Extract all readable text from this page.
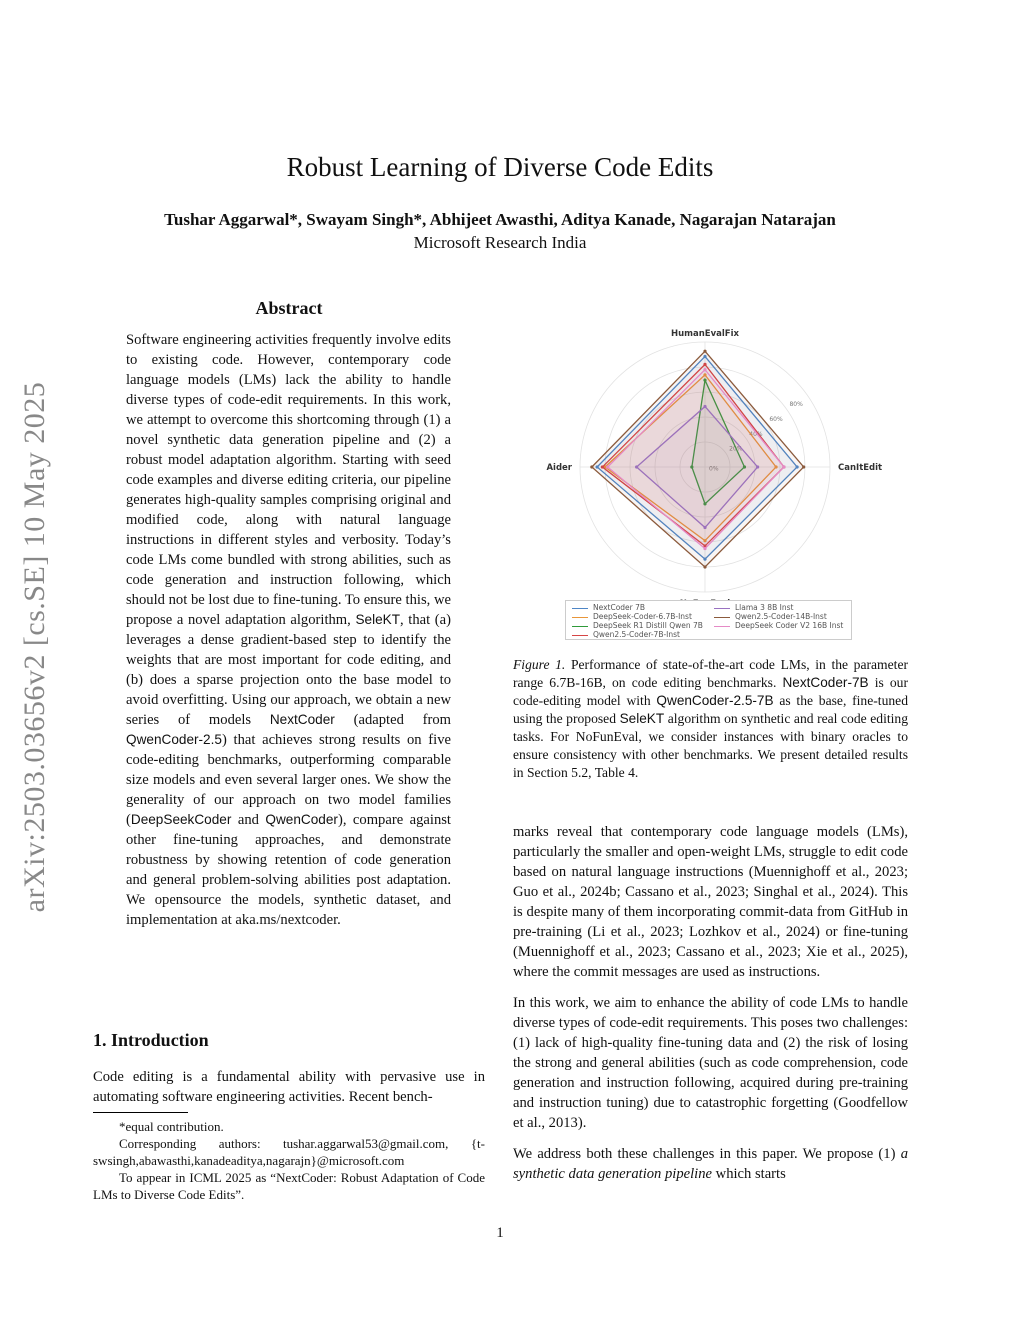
arXiv:2503.03656v2 [cs.SE] 10 May 2025
Robust Learning of Diverse Code Edits
Tushar Aggarwal*, Swayam Singh*, Abhijeet Awasthi, Aditya Kanade, Nagarajan Natarajan
Microsoft Research India
Abstract
Software engineering activities frequently involve edits to existing code. However, contemporary code language models (LMs) lack the ability to handle diverse types of code-edit requirements. In this work, we attempt to overcome this shortcoming through (1) a novel synthetic data generation pipeline and (2) a robust model adaptation algorithm. Starting with seed code examples and diverse editing criteria, our pipeline generates high-quality samples comprising original and modified code, along with natural language instructions in different styles and verbosity. Today’s code LMs come bundled with strong abilities, such as code generation and instruction following, which should not be lost due to fine-tuning. To ensure this, we propose a novel adaptation algorithm, SeleKT, that (a) leverages a dense gradient-based step to identify the weights that are most important for code editing, and (b) does a sparse projection onto the base model to avoid overfitting. Using our approach, we obtain a new series of models NextCoder (adapted from QwenCoder-2.5) that achieves strong results on five code-editing benchmarks, outperforming comparable size models and even several larger ones. We show the generality of our approach on two model families (DeepSeekCoder and QwenCoder), compare against other fine-tuning approaches, and demonstrate robustness by showing retention of code generation and general problem-solving abilities post adaptation. We opensource the models, synthetic dataset, and implementation at aka.ms/nextcoder.
1. Introduction
Code editing is a fundamental ability with pervasive use in automating software engineering activities. Recent bench-

*equal contribution.

Corresponding authors: tushar.aggarwal53@gmail.com, {t-swsingh,abawasthi,kanadeaditya,nagarajn}@microsoft.com

To appear in ICML 2025 as “NextCoder: Robust Adaptation of Code LMs to Diverse Code Edits”.

0%
20%
40%
60%
80%
HumanEvalFix
CanItEdit
Aider
NextCoder 7B
DeepSeek-Coder-6.7B-Inst
DeepSeek R1 Distill Qwen 7B
Qwen2.5-Coder-7B-Inst
Llama 3 8B Inst
Qwen2.5-Coder-14B-Inst
DeepSeek Coder V2 16B Inst
Figure 1. Performance of state-of-the-art code LMs, in the parameter range 6.7B-16B, on code editing benchmarks. NextCoder-7B is our code-editing model with QwenCoder-2.5-7B as the base, fine-tuned using the proposed SeleKT algorithm on synthetic and real code editing tasks. For NoFunEval, we consider instances with binary oracles to ensure consistency with other benchmarks. We present detailed results in Section 5.2, Table 4.

marks reveal that contemporary code language models (LMs), particularly the smaller and open-weight LMs, struggle to edit code based on natural language instructions (Muennighoff et al., 2023; Guo et al., 2024b; Cassano et al., 2023; Singhal et al., 2024). This is despite many of them incorporating commit-data from GitHub in pre-training (Li et al., 2023; Lozhkov et al., 2024) or fine-tuning (Muennighoff et al., 2023; Cassano et al., 2023; Xie et al., 2025), where the commit messages are used as instructions.

In this work, we aim to enhance the ability of code LMs to handle diverse types of code-edit requirements. This poses two challenges: (1) lack of high-quality fine-tuning data and (2) the risk of losing the strong and general abilities (such as code comprehension, code generation and instruction following, acquired during pre-training and instruction tuning) due to catastrophic forgetting (Goodfellow et al., 2013).

We address both these challenges in this paper. We propose (1) a synthetic data generation pipeline which starts

1
